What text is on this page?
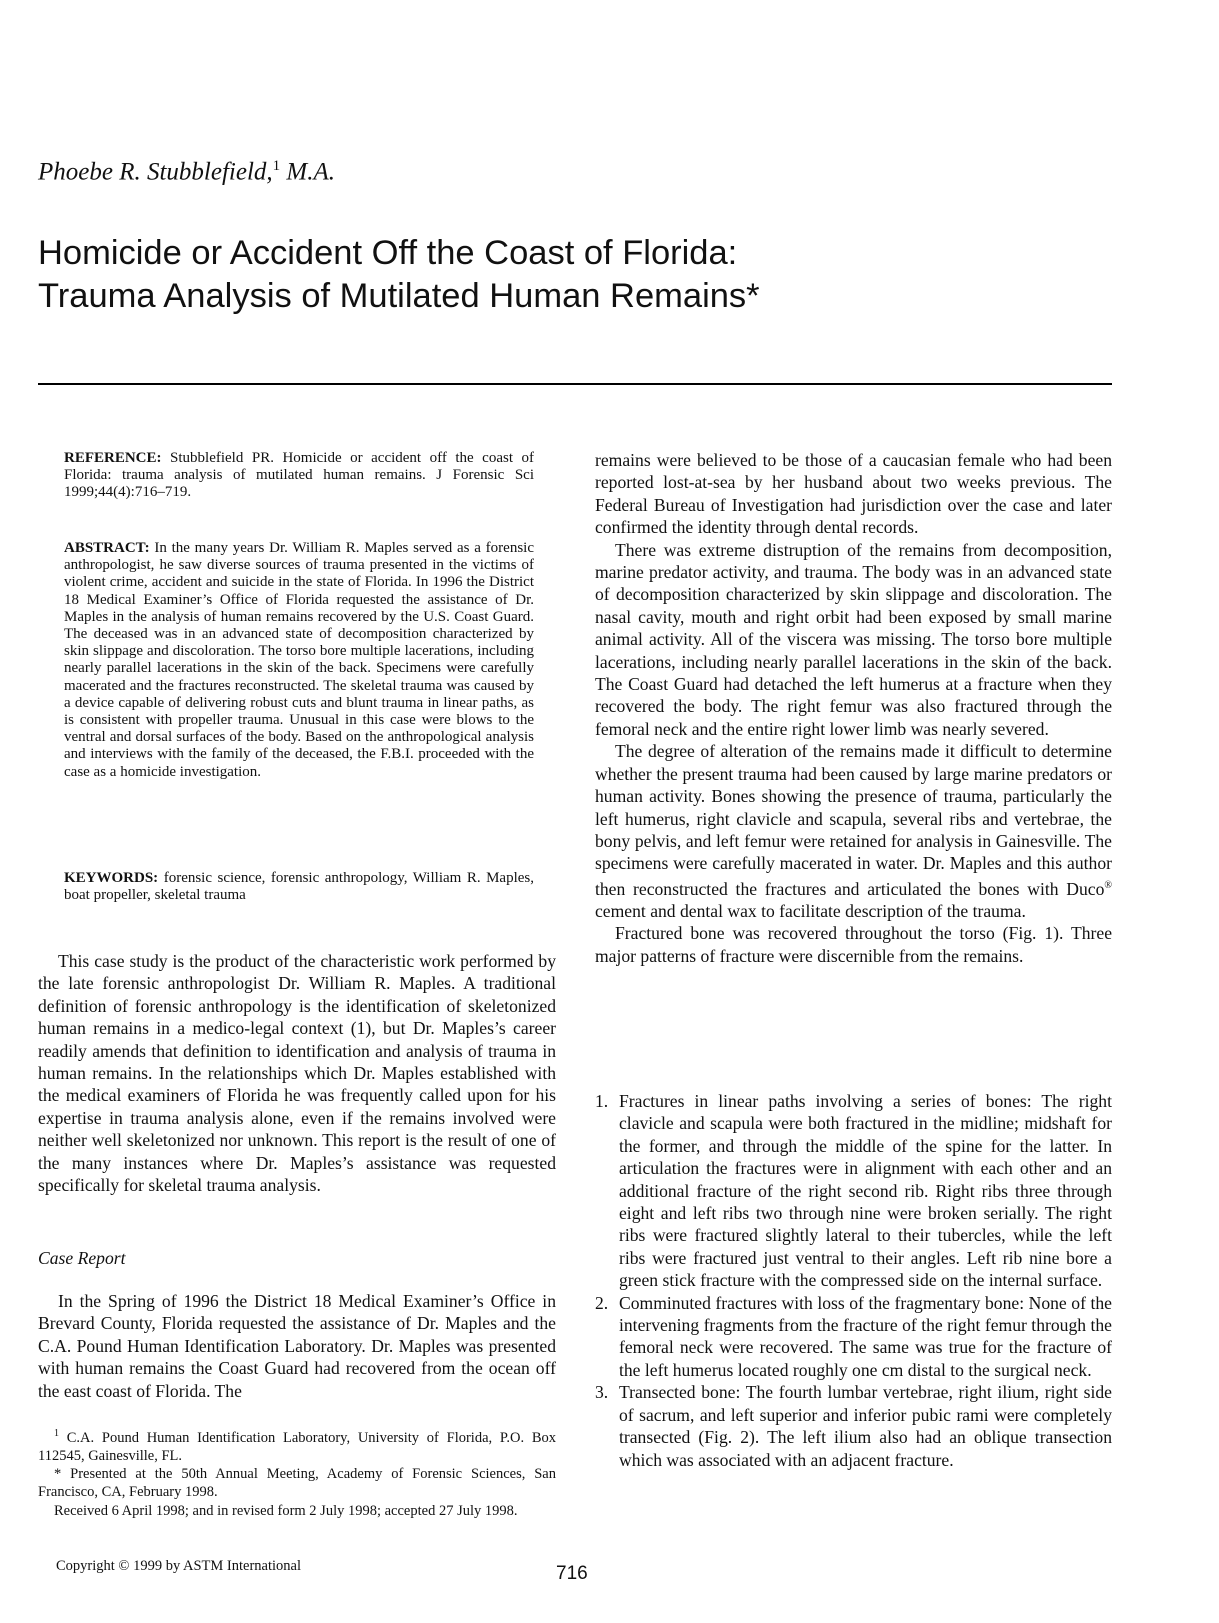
Phoebe R. Stubblefield,$^1$ M.A.
Homicide or Accident Off the Coast of Florida:
Trauma Analysis of Mutilated Human Remains*
REFERENCE: Stubblefield PR. Homicide or accident off the coast of Florida: trauma analysis of mutilated human remains. J Forensic Sci 1999;44(4):716–719.
ABSTRACT: In the many years Dr. William R. Maples served as a forensic anthropologist, he saw diverse sources of trauma presented in the victims of violent crime, accident and suicide in the state of Florida. In 1996 the District 18 Medical Examiner’s Office of Florida requested the assistance of Dr. Maples in the analysis of human remains recovered by the U.S. Coast Guard. The deceased was in an advanced state of decomposition characterized by skin slippage and discoloration. The torso bore multiple lacerations, including nearly parallel lacerations in the skin of the back. Specimens were carefully macerated and the fractures reconstructed. The skeletal trauma was caused by a device capable of delivering robust cuts and blunt trauma in linear paths, as is consistent with propeller trauma. Unusual in this case were blows to the ventral and dorsal surfaces of the body. Based on the anthropological analysis and interviews with the family of the deceased, the F.B.I. proceeded with the case as a homicide investigation.
KEYWORDS: forensic science, forensic anthropology, William R. Maples, boat propeller, skeletal trauma

This case study is the product of the characteristic work performed by the late forensic anthropologist Dr. William R. Maples. A traditional definition of forensic anthropology is the identification of skeletonized human remains in a medico-legal context (1), but Dr. Maples’s career readily amends that definition to identification and analysis of trauma in human remains. In the relationships which Dr. Maples established with the medical examiners of Florida he was frequently called upon for his expertise in trauma analysis alone, even if the remains involved were neither well skeletonized nor unknown. This report is the result of one of the many instances where Dr. Maples’s assistance was requested specifically for skeletal trauma analysis.

Case Report

In the Spring of 1996 the District 18 Medical Examiner’s Office in Brevard County, Florida requested the assistance of Dr. Maples and the C.A. Pound Human Identification Laboratory. Dr. Maples was presented with human remains the Coast Guard had recovered from the ocean off the east coast of Florida. The

$^1$ C.A. Pound Human Identification Laboratory, University of Florida, P.O. Box 112545, Gainesville, FL.

* Presented at the 50th Annual Meeting, Academy of Forensic Sciences, San Francisco, CA, February 1998.

Received 6 April 1998; and in revised form 2 July 1998; accepted 27 July 1998.

Copyright © 1999 by ASTM International	716

remains were believed to be those of a caucasian female who had been reported lost-at-sea by her husband about two weeks previous. The Federal Bureau of Investigation had jurisdiction over the case and later confirmed the identity through dental records.

There was extreme distruption of the remains from decomposition, marine predator activity, and trauma. The body was in an advanced state of decomposition characterized by skin slippage and discoloration. The nasal cavity, mouth and right orbit had been exposed by small marine animal activity. All of the viscera was missing. The torso bore multiple lacerations, including nearly parallel lacerations in the skin of the back. The Coast Guard had detached the left humerus at a fracture when they recovered the body. The right femur was also fractured through the femoral neck and the entire right lower limb was nearly severed.

The degree of alteration of the remains made it difficult to determine whether the present trauma had been caused by large marine predators or human activity. Bones showing the presence of trauma, particularly the left humerus, right clavicle and scapula, several ribs and vertebrae, the bony pelvis, and left femur were retained for analysis in Gainesville. The specimens were carefully macerated in water. Dr. Maples and this author then reconstructed the fractures and articulated the bones with Duco® cement and dental wax to facilitate description of the trauma.

Fractured bone was recovered throughout the torso (Fig. 1). Three major patterns of fracture were discernible from the remains.

1. Fractures in linear paths involving a series of bones: The right clavicle and scapula were both fractured in the midline; midshaft for the former, and through the middle of the spine for the latter. In articulation the fractures were in alignment with each other and an additional fracture of the right second rib. Right ribs three through eight and left ribs two through nine were broken serially. The right ribs were fractured slightly lateral to their tubercles, while the left ribs were fractured just ventral to their angles. Left rib nine bore a green stick fracture with the compressed side on the internal surface.
2. Comminuted fractures with loss of the fragmentary bone: None of the intervening fragments from the fracture of the right femur through the femoral neck were recovered. The same was true for the fracture of the left humerus located roughly one cm distal to the surgical neck.
3. Transected bone: The fourth lumbar vertebrae, right ilium, right side of sacrum, and left superior and inferior pubic rami were completely transected (Fig. 2). The left ilium also had an oblique transection which was associated with an adjacent fracture.
